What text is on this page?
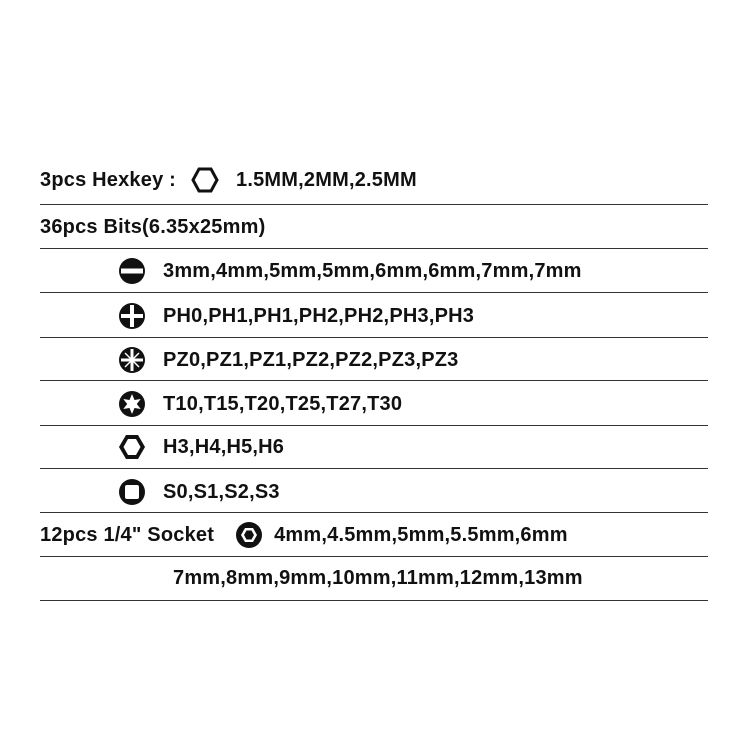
3pcs Hexkey :	1.5MM,2MM,2.5MM
36pcs Bits(6.35x25mm)
3mm,4mm,5mm,5mm,6mm,6mm,7mm,7mm
PH0,PH1,PH1,PH2,PH2,PH3,PH3
PZ0,PZ1,PZ1,PZ2,PZ2,PZ3,PZ3
T10,T15,T20,T25,T27,T30
H3,H4,H5,H6
S0,S1,S2,S3
12pcs 1/4" Socket	4mm,4.5mm,5mm,5.5mm,6mm
7mm,8mm,9mm,10mm,11mm,12mm,13mm
